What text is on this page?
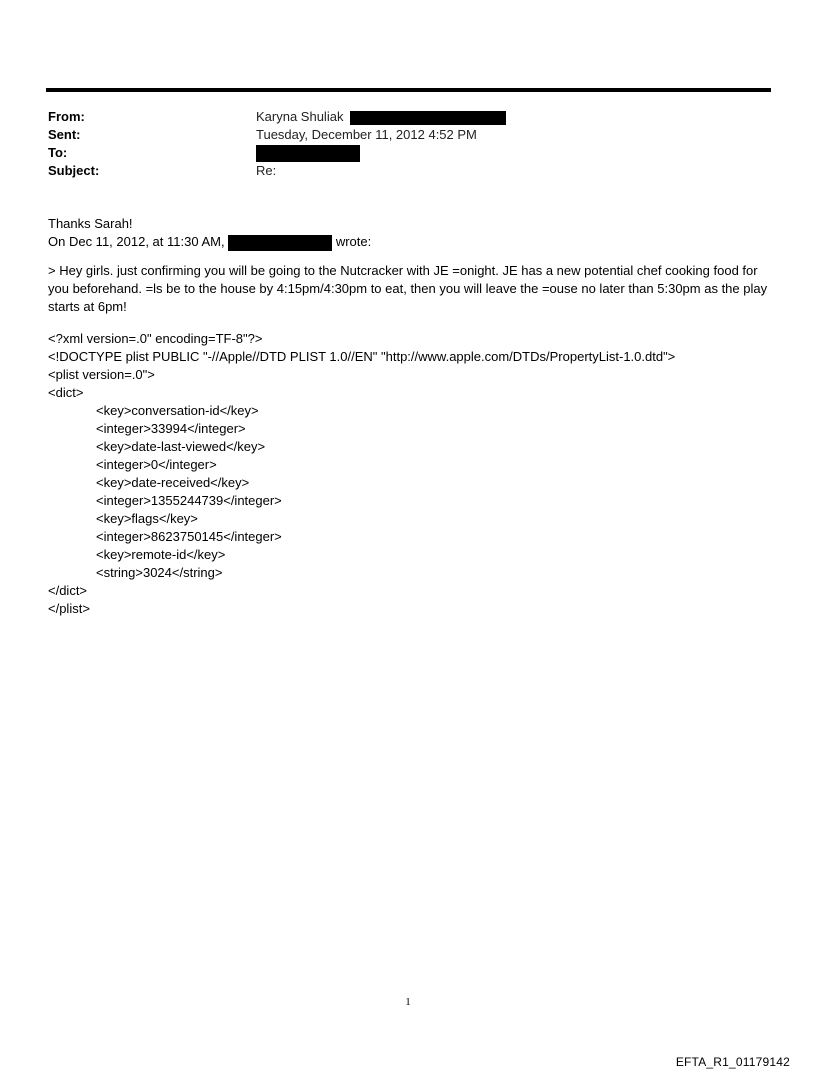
From:	Karyna Shuliak
Sent:	Tuesday, December 11, 2012 4:52 PM
To:
Subject:	Re:
Thanks Sarah!
On Dec 11, 2012, at 11:30 AM,	wrote:
> Hey girls. just confirming you will be going to the Nutcracker with JE =onight. JE has a new potential chef cooking food for you beforehand. =ls be to the house by 4:15pm/4:30pm to eat, then you will leave the =ouse no later than 5:30pm as the play starts at 6pm!
<?xml version=.0" encoding=TF-8"?>
<!DOCTYPE plist PUBLIC "-//Apple//DTD PLIST 1.0//EN" "http://www.apple.com/DTDs/PropertyList-1.0.dtd">
<plist version=.0">
<dict>
<key>conversation-id</key>
<integer>33994</integer>
<key>date-last-viewed</key>
<integer>0</integer>
<key>date-received</key>
<integer>1355244739</integer>
<key>flags</key>
<integer>8623750145</integer>
<key>remote-id</key>
<string>3024</string>
</dict>
</plist>
1
EFTA_R1_01179142
